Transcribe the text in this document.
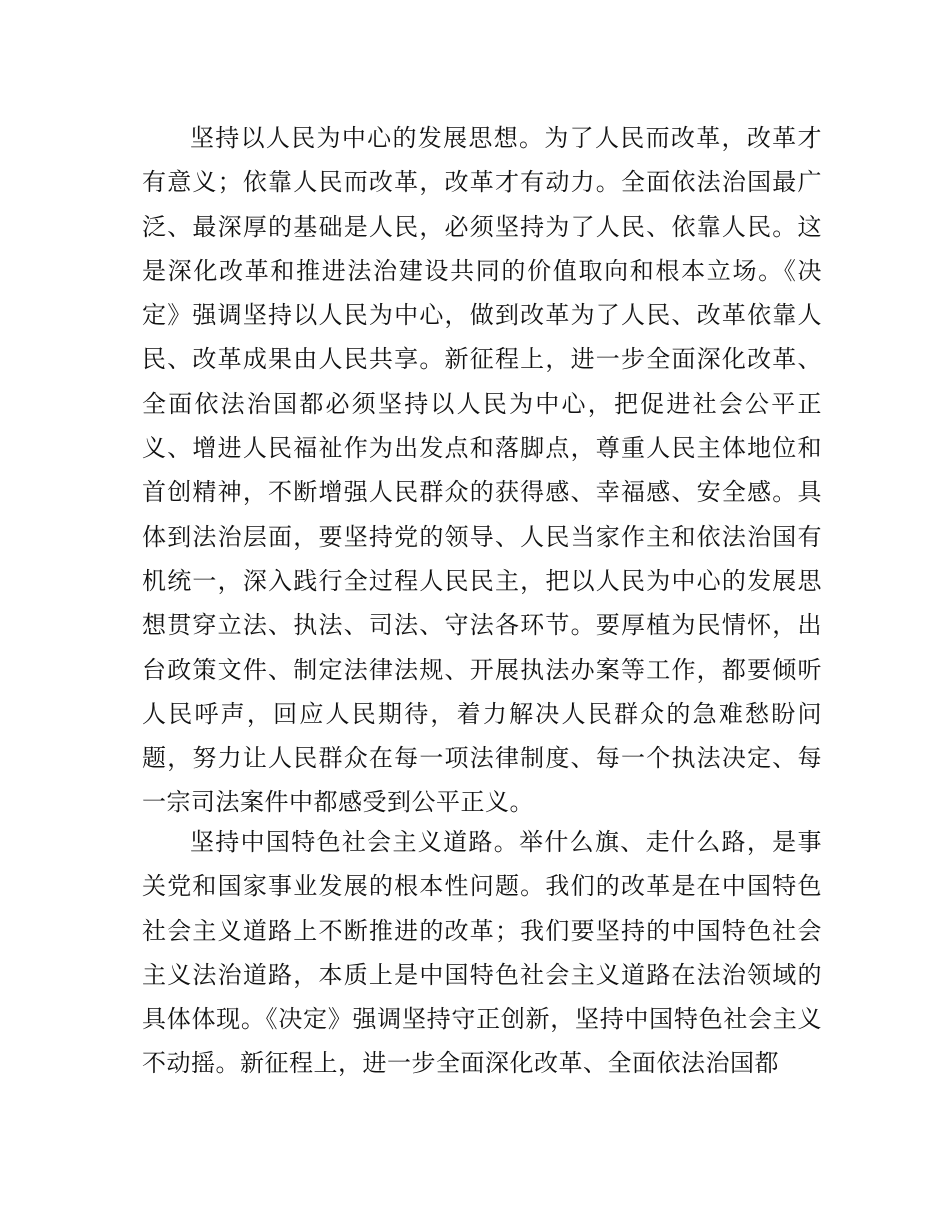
坚持以人民为中心的发展思想。为了人民而改革，改革才有意义；依靠人民而改革，改革才有动力。全面依法治国最广泛、最深厚的基础是人民，必须坚持为了人民、依靠人民。这是深化改革和推进法治建设共同的价值取向和根本立场。《决定》强调坚持以人民为中心，做到改革为了人民、改革依靠人民、改革成果由人民共享。新征程上，进一步全面深化改革、全面依法治国都必须坚持以人民为中心，把促进社会公平正义、增进人民福祉作为出发点和落脚点，尊重人民主体地位和首创精神，不断增强人民群众的获得感、幸福感、安全感。具体到法治层面，要坚持党的领导、人民当家作主和依法治国有机统一，深入践行全过程人民民主，把以人民为中心的发展思想贯穿立法、执法、司法、守法各环节。要厚植为民情怀，出台政策文件、制定法律法规、开展执法办案等工作，都要倾听人民呼声，回应人民期待，着力解决人民群众的急难愁盼问题，努力让人民群众在每一项法律制度、每一个执法决定、每一宗司法案件中都感受到公平正义。

坚持中国特色社会主义道路。举什么旗、走什么路，是事关党和国家事业发展的根本性问题。我们的改革是在中国特色社会主义道路上不断推进的改革；我们要坚持的中国特色社会主义法治道路，本质上是中国特色社会主义道路在法治领域的具体体现。《决定》强调坚持守正创新，坚持中国特色社会主义不动摇。新征程上，进一步全面深化改革、全面依法治国都
